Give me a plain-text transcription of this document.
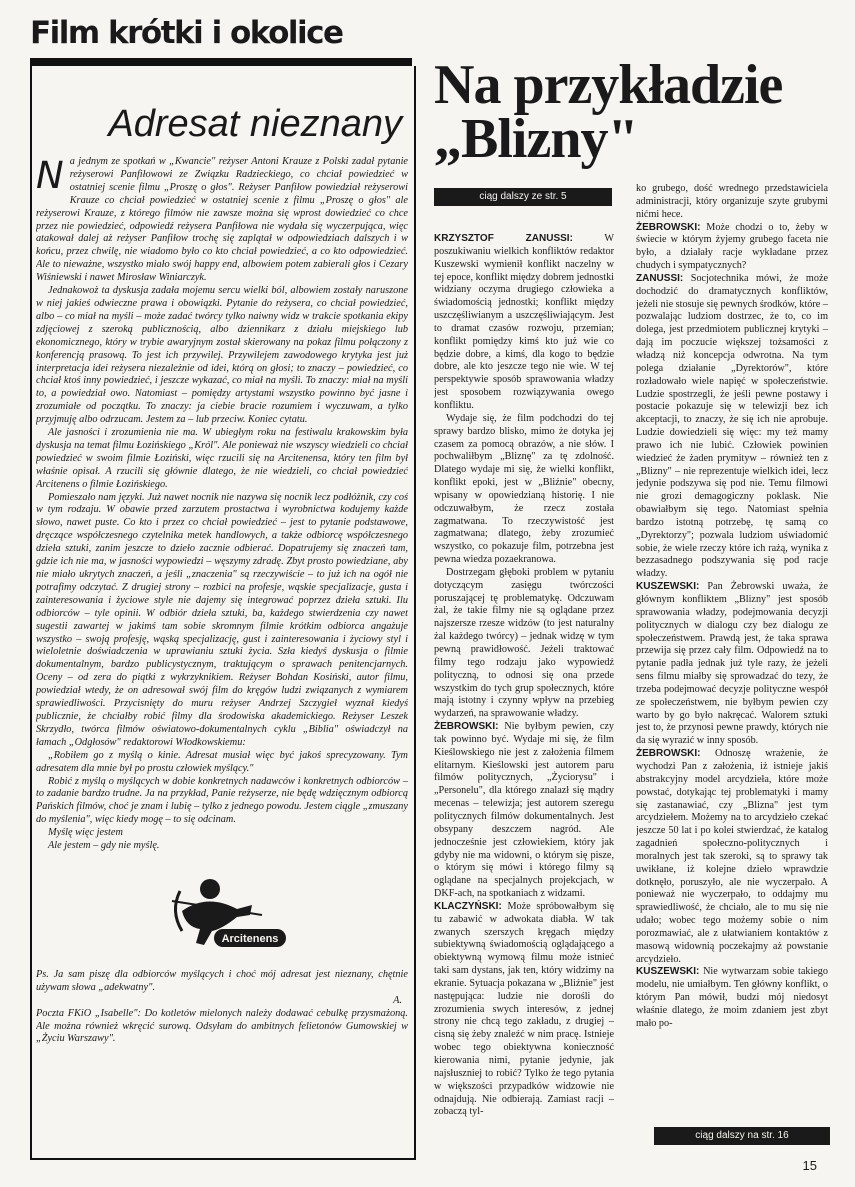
Film krótki i okolice
Adresat nieznany

Na jednym ze spotkań w „Kwancie" reżyser Antoni Krauze z Polski zadał pytanie reżyserowi Panfiłowowi ze Związku Radzieckiego, co chciał powiedzieć w ostatniej scenie filmu „Proszę o głos". Reżyser Panfiłow powiedział reżyserowi Krauze co chciał powiedzieć w ostatniej scenie z filmu „Proszę o głos" ale reżyserowi Krauze, z którego filmów nie zawsze można się wprost dowiedzieć co chce przez nie powiedzieć, odpowiedź reżysera Panfiłowa nie wydała się wyczerpująca, więc atakował dalej aż reżyser Panfiłow trochę się zaplątał w odpowiedziach dalszych i w końcu, przez chwilę, nie wiadomo było co kto chciał powiedzieć, a co kto odpowiedzieć. Ale to nieważne, wszystko miało swój happy end, albowiem potem zabierali głos i Cezary Wiśniewski i nawet Mirosław Winiarczyk.

Jednakowoż ta dyskusja zadała mojemu sercu wielki ból, albowiem zostały naruszone w niej jakieś odwieczne prawa i obowiązki. Pytanie do reżysera, co chciał powiedzieć, albo – co miał na myśli – może zadać twórcy tylko naiwny widz w trakcie spotkania ekipy zdjęciowej z szeroką publicznością, albo dziennikarz z działu miejskiego lub ekonomicznego, który w trybie awaryjnym został skierowany na pokaz filmu połączony z konferencją prasową. To jest ich przywilej. Przywilejem zawodowego krytyka jest już interpretacja idei reżysera niezależnie od idei, którą on głosi; to znaczy – powiedzieć, co chciał ktoś inny powiedzieć, i jeszcze wykazać, co miał na myśli. To znaczy: miał na myśli to, a powiedział owo. Natomiast – pomiędzy artystami wszystko powinno być jasne i zrozumiałe od początku. To znaczy: ja ciebie bracie rozumiem i wyczuwam, a tylko przyjmuję albo odrzucam. Jestem za – lub przeciw. Koniec cytatu.

Ale jasności i zrozumienia nie ma. W ubiegłym roku na festiwalu krakowskim była dyskusja na temat filmu Łozińskiego „Król". Ale ponieważ nie wszyscy wiedzieli co chciał powiedzieć w swoim filmie Łoziński, więc rzucili się na Arcitenensa, który ten film był właśnie opisał. A rzucili się głównie dlatego, że nie wiedzieli, co chciał powiedzieć Arcitenens o filmie Łozińskiego.

Pomieszało nam języki. Już nawet nocnik nie nazywa się nocnik lecz podłóżnik, czy coś w tym rodzaju. W obawie przed zarzutem prostactwa i wyrobnictwa kodujemy każde słowo, nawet puste. Co kto i przez co chciał powiedzieć – jest to pytanie podstawowe, dręczące współczesnego czytelnika metek handlowych, a także odbiorcę współczesnego dzieła sztuki, zanim jeszcze to dzieło zacznie odbierać. Dopatrujemy się znaczeń tam, gdzie ich nie ma, w jasności wypowiedzi – węszymy zdradę. Zbyt prosto powiedziane, aby nie miało ukrytych znaczeń, a jeśli „znaczenia" są rzeczywiście – to już ich na ogół nie potrafimy odczytać. Z drugiej strony – rozbici na profesje, wąskie specjalizacje, gusta i zainteresowania i życiowe style nie dajemy się integrować poprzez dzieła sztuki. Ilu odbiorców – tyle opinii. W odbiór dzieła sztuki, ba, każdego stwierdzenia czy nawet sugestii zawartej w jakimś tam sobie skromnym filmie krótkim odbiorca angażuje wszystko – swoją profesję, wąską specjalizację, gust i zainteresowania i życiowy styl i wieloletnie doświadczenia w uprawianiu sztuki życia. Szła kiedyś dyskusja o filmie dokumentalnym, bardzo publicystycznym, traktującym o sprawach penitencjarnych. Oceny – od zera do piątki z wykrzyknikiem. Reżyser Bohdan Kosiński, autor filmu, powiedział wtedy, że on adresował swój film do kręgów ludzi związanych z wymiarem sprawiedliwości. Przycisnięty do muru reżyser Andrzej Szczygieł wyznał kiedyś publicznie, że chciałby robić filmy dla środowiska akademickiego. Reżyser Leszek Skrzydło, twórca filmów oświatowo-dokumentalnych cyklu „Biblia" oświadczył na łamach „Odgłosów" redaktorowi Włodkowskiemu:

„Robiłem go z myślą o kinie. Adresat musiał więc być jakoś sprecyzowany. Tym adresatem dla mnie był po prostu człowiek myślący."

Robić z myślą o myślących w dobie konkretnych nadawców i konkretnych odbiorców – to zadanie bardzo trudne. Ja na przykład, Panie reżyserze, nie będę wdzięcznym odbiorcą Pańskich filmów, choć je znam i lubię – tylko z jednego powodu. Jestem ciągle „zmuszany do myślenia", więc kiedy mogę – to się odcinam.

Myślę więc jestem

Ale jestem – gdy nie myślę.

Arcitenens

Ps. Ja sam piszę dla odbiorców myślących i choć mój adresat jest nieznany, chętnie używam słowa „adekwatny".

A.

Poczta FKiO „Isabelle": Do kotletów mielonych należy dodawać cebulkę przysmażoną. Ale można również wkręcić surową. Odsyłam do ambitnych felietonów Gumowskiej w „Życiu Warszawy".

Na przykładzie
„Blizny"
ciąg dalszy ze str. 5

KRZYSZTOF ZANUSSI: W poszukiwaniu wielkich konfliktów redaktor Kuszewski wymienił konflikt naczelny w tej epoce, konflikt między dobrem jednostki widziany oczyma drugiego człowieka a świadomością jednostki; konflikt między uszczęśliwianym a uszczęśliwiającym. Jest to dramat czasów rozwoju, przemian; konflikt pomiędzy kimś kto już wie co będzie dobre, a kimś, dla kogo to będzie dobre, ale kto jeszcze tego nie wie. W tej perspektywie sposób sprawowania władzy jest sposobem rozwiązywania owego konfliktu.

Wydaje się, że film podchodzi do tej sprawy bardzo blisko, mimo że dotyka jej czasem za pomocą obrazów, a nie słów. I pochwaliłbym „Bliznę" za tę zdolność. Dlatego wydaje mi się, że wielki konflikt, konflikt epoki, jest w „Bliźnie" obecny, wpisany w opowiedzianą historię. I nie odczuwałbym, że rzecz została zagmatwana. To rzeczywistość jest zagmatwana; dlatego, żeby zrozumieć wszystko, co pokazuje film, potrzebna jest pewna wiedza pozaekranowa.

Dostrzegam głęboki problem w pytaniu dotyczącym zasięgu twórczości poruszającej tę problematykę. Odczuwam żal, że takie filmy nie są oglądane przez najszersze rzesze widzów (to jest naturalny żal każdego twórcy) – jednak widzę w tym pewną prawidłowość. Jeżeli traktować filmy tego rodzaju jako wypowiedź polityczną, to odnosi się ona przede wszystkim do tych grup społecznych, które mają istotny i czynny wpływ na przebieg wydarzeń, na sprawowanie władzy.

ŻEBROWSKI: Nie byłbym pewien, czy tak powinno być. Wydaje mi się, że film Kieślowskiego nie jest z założenia filmem elitarnym. Kieślowski jest autorem paru filmów politycznych, „Życiorysu" i „Personelu", dla którego znalazł się mądry mecenas – telewizja; jest autorem szeregu politycznych filmów dokumentalnych. Jest obsypany deszczem nagród. Ale jednocześnie jest człowiekiem, który jak gdyby nie ma widowni, o którym się pisze, o którym się mówi i którego filmy są oglądane na specjalnych projekcjach, w DKF-ach, na spotkaniach z widzami.

KLACZYŃSKI: Może spróbowałbym się tu zabawić w adwokata diabła. W tak zwanych szerszych kręgach między subiektywną świadomością oglądającego a obiektywną wymową filmu może istnieć taki sam dystans, jak ten, który widzimy na ekranie. Sytuacja pokazana w „Bliźnie" jest następująca: ludzie nie dorośli do zrozumienia swych interesów, z jednej strony nie chcą tego zakładu, z drugiej – cisną się żeby znaleźć w nim pracę. Istnieje wobec tego obiektywna konieczność kierowania nimi, pytanie jedynie, jak najsłuszniej to robić? Tylko że tego pytania w większości przypadków widzowie nie odnajdują. Nie odbierają. Zamiast racji – zobaczą tyl-

ko grubego, dość wrednego przedstawiciela administracji, który organizuje szyte grubymi nićmi hece.

ŻEBROWSKI: Może chodzi o to, żeby w świecie w którym żyjemy grubego faceta nie było, a działały racje wykładane przez chudych i sympatycznych?

ZANUSSI: Socjotechnika mówi, że może dochodzić do dramatycznych konfliktów, jeżeli nie stosuje się pewnych środków, które – pozwalając ludziom dostrzec, że to, co im dolega, jest przedmiotem publicznej krytyki – dają im poczucie większej tożsamości z władzą niż koncepcja odwrotna. Na tym polega działanie „Dyrektorów", które rozładowało wiele napięć w społeczeństwie. Ludzie spostrzegli, że jeśli pewne postawy i postacie pokazuje się w telewizji bez ich akceptacji, to znaczy, że się ich nie aprobuje. Ludzie dowiedzieli się więc: my też mamy prawo ich nie lubić. Człowiek powinien wiedzieć że żaden prymityw – również ten z „Blizny" – nie reprezentuje wielkich idei, lecz jedynie podszywa się pod nie. Temu filmowi nie grozi demagogiczny poklask. Nie obawiałbym się tego. Natomiast spełnia bardzo istotną potrzebę, tę samą co „Dyrektorzy"; pozwala ludziom uświadomić sobie, że wiele rzeczy które ich rażą, wynika z bezzasadnego podszywania się pod racje władzy.

KUSZEWSKI: Pan Żebrowski uważa, że głównym konfliktem „Blizny" jest sposób sprawowania władzy, podejmowania decyzji politycznych w dialogu czy bez dialogu ze społeczeństwem. Prawdą jest, że taka sprawa przewija się przez cały film. Odpowiedź na to pytanie padła jednak już tyle razy, że jeżeli sens filmu miałby się sprowadzać do tezy, że trzeba podejmować decyzje polityczne wespół ze społeczeństwem, nie byłbym pewien czy warto by go było nakręcać. Walorem sztuki jest to, że przynosi pewne prawdy, których nie da się wyrazić w inny sposób.

ŻEBROWSKI: Odnoszę wrażenie, że wychodzi Pan z założenia, iż istnieje jakiś abstrakcyjny model arcydzieła, które może powstać, dotykając tej problematyki i mamy się zastanawiać, czy „Blizna" jest tym arcydziełem. Możemy na to arcydzieło czekać jeszcze 50 lat i po kolei stwierdzać, że katalog zagadnień społeczno-politycznych i moralnych jest tak szeroki, są to sprawy tak uwikłane, iż kolejne dzieło wprawdzie dotknęło, poruszyło, ale nie wyczerpało. A ponieważ nie wyczerpało, to oddajmy mu sprawiedliwość, że chciało, ale to mu się nie udało; wobec tego możemy sobie o nim porozmawiać, ale z ułatwianiem kontaktów z masową widownią poczekajmy aż powstanie arcydzieło.

KUSZEWSKI: Nie wytwarzam sobie takiego modelu, nie umiałbym. Ten główny konflikt, o którym Pan mówił, budzi mój niedosyt właśnie dlatego, że moim zdaniem jest zbyt mało po-

ciąg dalszy na str. 16
15
